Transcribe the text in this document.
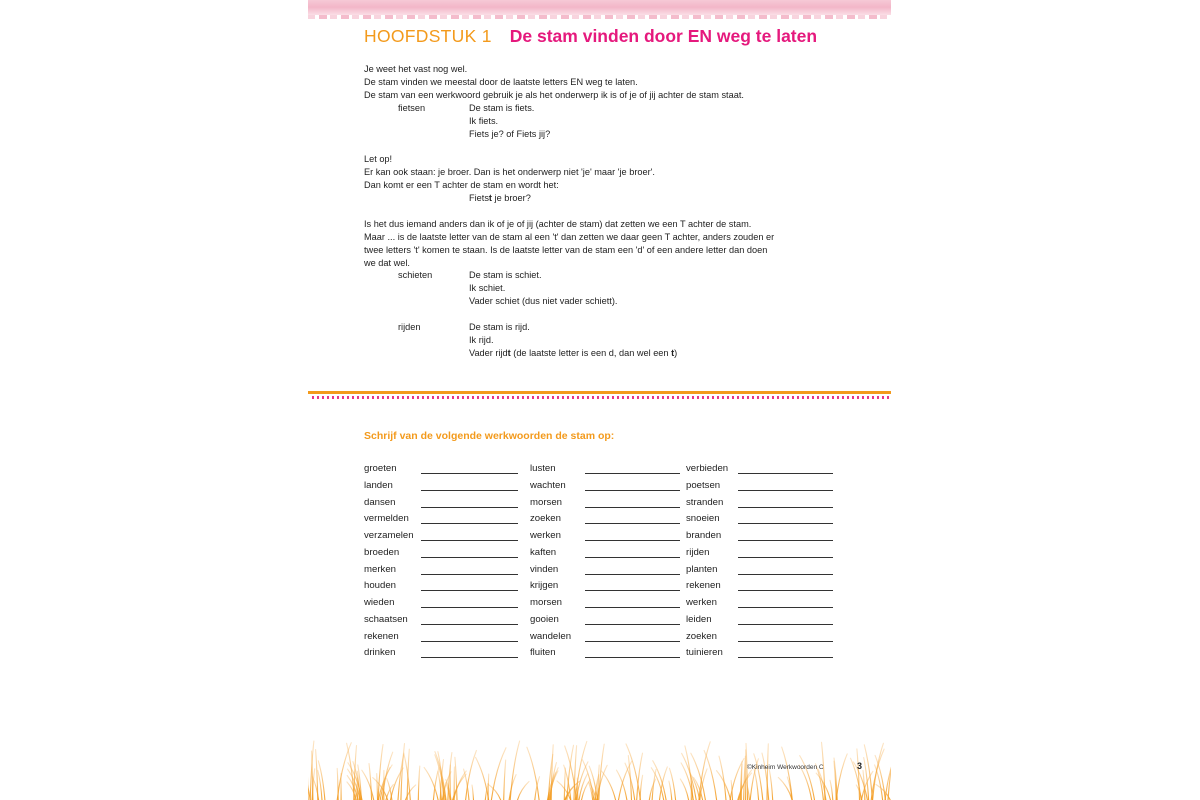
HOOFDSTUK 1 De stam vinden door EN weg te laten
Je weet het vast nog wel.
De stam vinden we meestal door de laatste letters EN weg te laten.
De stam van een werkwoord gebruik je als het onderwerp ik is of je of jij achter de stam staat.
fietsen	De stam is fiets.
Ik fiets.
Fiets je? of Fiets jij?
Let op!
Er kan ook staan: je broer. Dan is het onderwerp niet 'je' maar 'je broer'.
Dan komt er een T achter de stam en wordt het:
Fietst je broer?
Is het dus iemand anders dan ik of je of jij (achter de stam) dat zetten we een T achter de stam.
Maar ... is de laatste letter van de stam al een 't' dan zetten we daar geen T achter, anders zouden er
twee letters 't' komen te staan. Is de laatste letter van de stam een 'd' of een andere letter dan doen
we dat wel.
schieten	De stam is schiet.
Ik schiet.
Vader schiet (dus niet vader schiett).
rijden	De stam is rijd.
Ik rijd.
Vader rijdt (de laatste letter is een d, dan wel een t)
Schrijf van de volgende werkwoorden de stam op:
groeten
landen
dansen
vermelden
verzamelen
broeden
merken
houden
wieden
schaatsen
rekenen
drinken
lusten
wachten
morsen
zoeken
werken
kaften
vinden
krijgen
morsen
gooien
wandelen
fluiten
verbieden
poetsen
stranden
snoeien
branden
rijden
planten
rekenen
werken
leiden
zoeken
tuinieren
©Kinheim Werkwoorden C	3
